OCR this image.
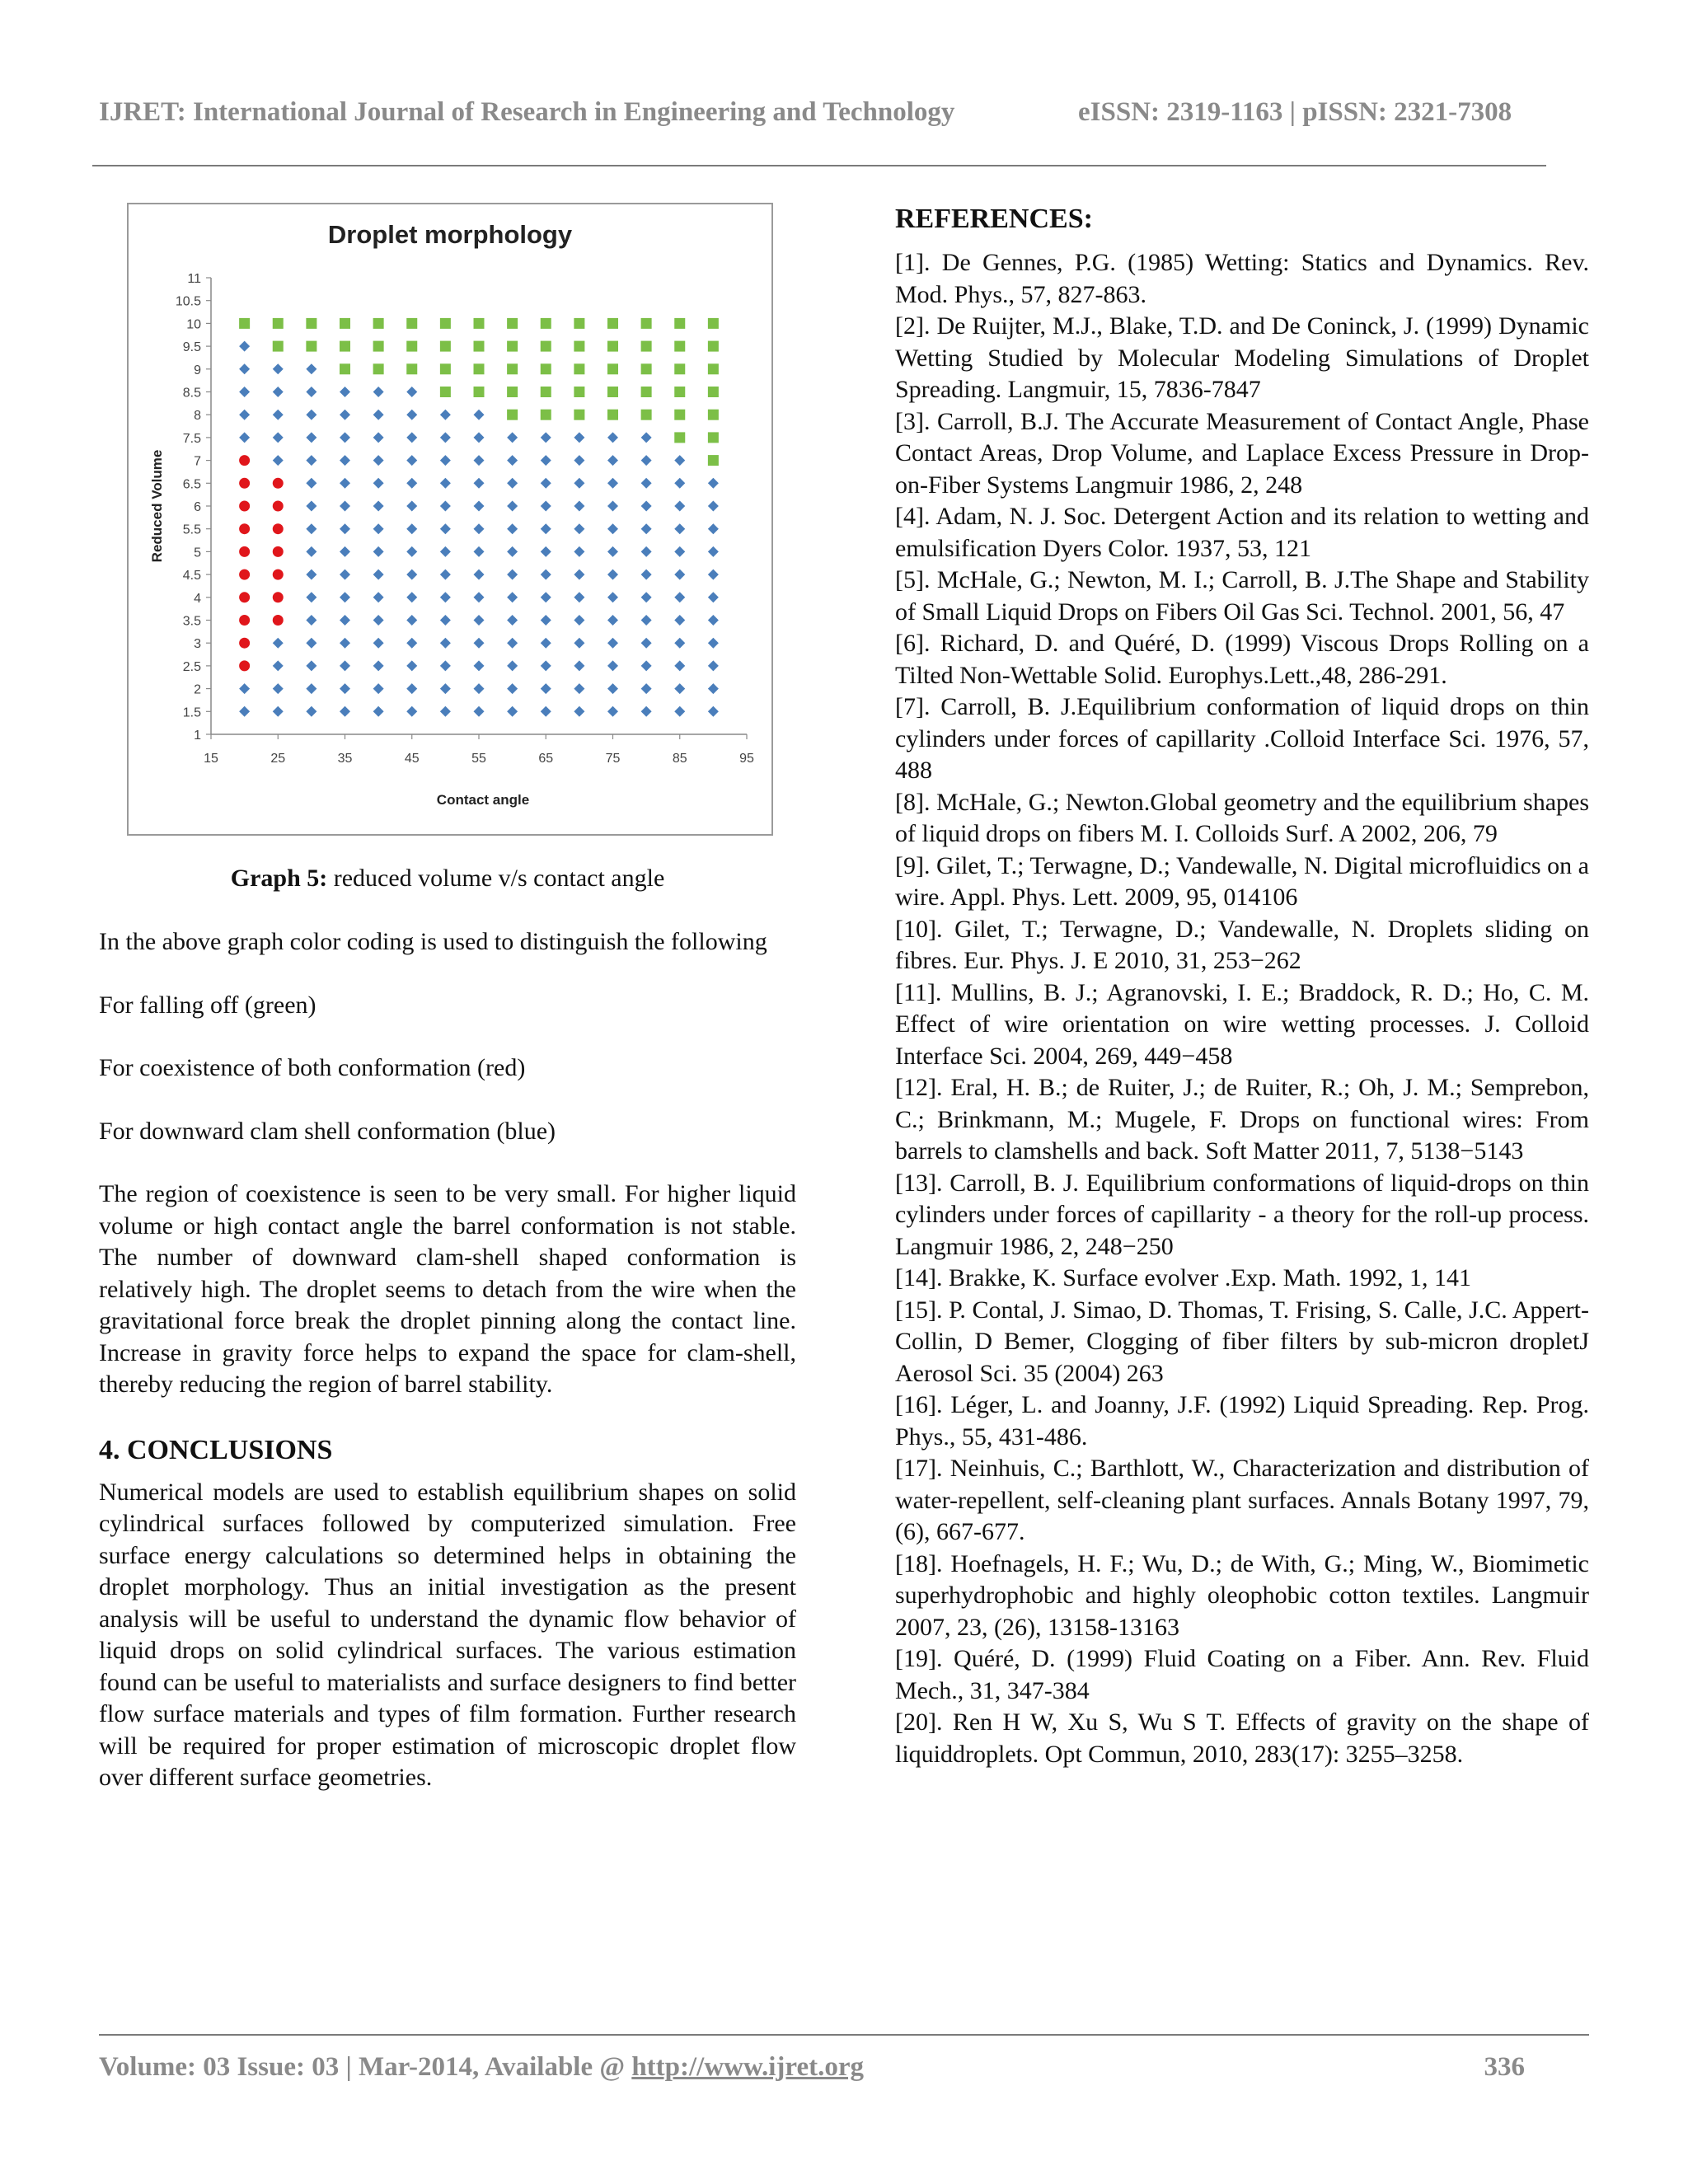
IJRET: International Journal of Research in Engineering and Technology	eISSN: 2319-1163 | pISSN: 2321-7308
Droplet morphology
1
1.5
2
2.5
3
3.5
4
4.5
5
5.5
6
6.5
7
7.5
8
8.5
9
9.5
10
10.5
11
15	25	35	45	55	65	75	85	95
Contact angle
Reduced Volume
Graph 5: reduced volume v/s contact angle

In the above graph color coding is used to distinguish the following

For falling off (green)

For coexistence of both conformation (red)

For downward clam shell conformation (blue)

The region of coexistence is seen to be very small. For higher liquid volume or high contact angle the barrel conformation is not stable. The number of downward clam-shell shaped conformation is relatively high. The droplet seems to detach from the wire when the gravitational force break the droplet pinning along the contact line. Increase in gravity force helps to expand the space for clam-shell, thereby reducing the region of barrel stability.

4. CONCLUSIONS

Numerical models are used to establish equilibrium shapes on solid cylindrical surfaces followed by computerized simulation. Free surface energy calculations so determined helps in obtaining the droplet morphology. Thus an initial investigation as the present analysis will be useful to understand the dynamic flow behavior of liquid drops on solid cylindrical surfaces. The various estimation found can be useful to materialists and surface designers to find better flow surface materials and types of film formation. Further research will be required for proper estimation of microscopic droplet flow over different surface geometries.

REFERENCES:

[1]. De Gennes, P.G. (1985) Wetting: Statics and Dynamics. Rev. Mod. Phys., 57, 827-863.

[2]. De Ruijter, M.J., Blake, T.D. and De Coninck, J. (1999) Dynamic Wetting Studied by Molecular Modeling Simulations of Droplet Spreading. Langmuir, 15, 7836-7847

[3]. Carroll, B.J. The Accurate Measurement of Contact Angle, Phase Contact Areas, Drop Volume, and Laplace Excess Pressure in Drop-on-Fiber Systems Langmuir 1986, 2, 248

[4]. Adam, N. J. Soc. Detergent Action and its relation to wetting and emulsification Dyers Color. 1937, 53, 121

[5]. McHale, G.; Newton, M. I.; Carroll, B. J.The Shape and Stability of Small Liquid Drops on Fibers Oil Gas Sci. Technol. 2001, 56, 47

[6]. Richard, D. and Quéré, D. (1999) Viscous Drops Rolling on a Tilted Non-Wettable Solid. Europhys.Lett.,48, 286-291.

[7]. Carroll, B. J.Equilibrium conformation of liquid drops on thin cylinders under forces of capillarity .Colloid Interface Sci. 1976, 57, 488

[8]. McHale, G.; Newton.Global geometry and the equilibrium shapes of liquid drops on fibers M. I. Colloids Surf. A 2002, 206, 79

[9]. Gilet, T.; Terwagne, D.; Vandewalle, N. Digital microfluidics on a wire. Appl. Phys. Lett. 2009, 95, 014106

[10]. Gilet, T.; Terwagne, D.; Vandewalle, N. Droplets sliding on fibres. Eur. Phys. J. E 2010, 31, 253−262

[11]. Mullins, B. J.; Agranovski, I. E.; Braddock, R. D.; Ho, C. M. Effect of wire orientation on wire wetting processes. J. Colloid Interface Sci. 2004, 269, 449−458

[12]. Eral, H. B.; de Ruiter, J.; de Ruiter, R.; Oh, J. M.; Semprebon, C.; Brinkmann, M.; Mugele, F. Drops on functional wires: From barrels to clamshells and back. Soft Matter 2011, 7, 5138−5143

[13]. Carroll, B. J. Equilibrium conformations of liquid-drops on thin cylinders under forces of capillarity - a theory for the roll-up process. Langmuir 1986, 2, 248−250

[14]. Brakke, K. Surface evolver .Exp. Math. 1992, 1, 141

[15]. P. Contal, J. Simao, D. Thomas, T. Frising, S. Calle, J.C. Appert-Collin, D Bemer, Clogging of fiber filters by sub-micron dropletJ Aerosol Sci. 35 (2004) 263

[16]. Léger, L. and Joanny, J.F. (1992) Liquid Spreading. Rep. Prog. Phys., 55, 431-486.

[17]. Neinhuis, C.; Barthlott, W., Characterization and distribution of water-repellent, self-cleaning plant surfaces. Annals Botany 1997, 79, (6), 667-677.

[18]. Hoefnagels, H. F.; Wu, D.; de With, G.; Ming, W., Biomimetic superhydrophobic and highly oleophobic cotton textiles. Langmuir 2007, 23, (26), 13158-13163

[19]. Quéré, D. (1999) Fluid Coating on a Fiber. Ann. Rev. Fluid Mech., 31, 347-384

[20]. Ren H W, Xu S, Wu S T. Effects of gravity on the shape of liquiddroplets. Opt Commun, 2010, 283(17): 3255–3258.

Volume: 03 Issue: 03 | Mar-2014, Available @ http://www.ijret.org	336
